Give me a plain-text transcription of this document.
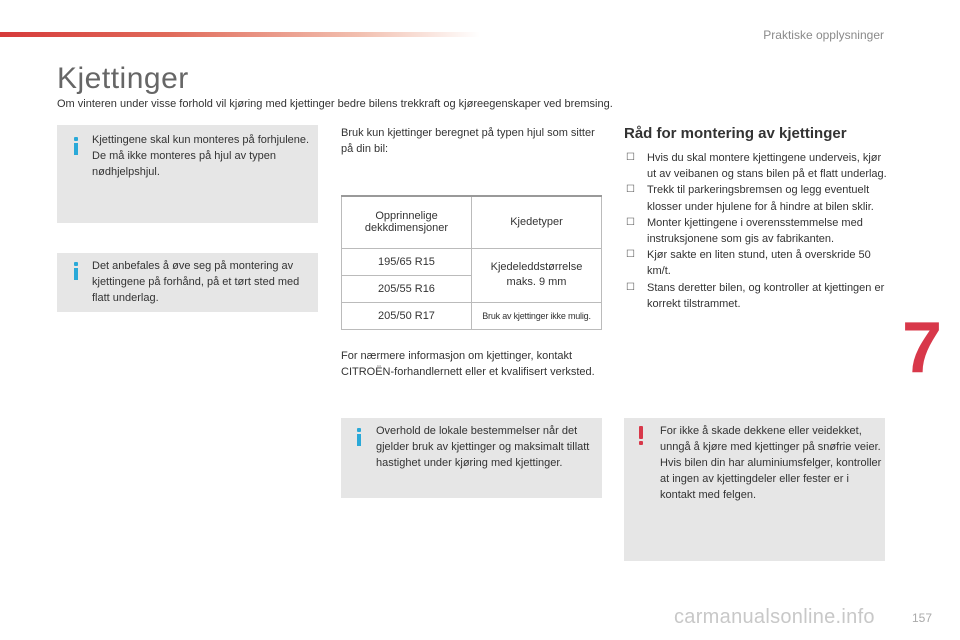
Praktiske opplysninger
Kjettinger

Om vinteren under visse forhold vil kjøring med kjettinger bedre bilens trekkraft og kjøreegenskaper ved bremsing.

Kjettingene skal kun monteres på forhjulene. De må ikke monteres på hjul av typen nødhjelpshjul.
Det anbefales å øve seg på montering av kjettingene på forhånd, på et tørt sted med flatt underlag.
Bruk kun kjettinger beregnet på typen hjul som sitter på din bil:
Opprinnelige dekkdimensjoner	Kjedetyper
195/65 R15	Kjedeleddstørrelse maks. 9 mm
205/55 R16	
205/50 R17	Bruk av kjettinger ikke mulig.
For nærmere informasjon om kjettinger, kontakt CITROËN-forhandlernett eller et kvalifisert verksted.
Overhold de lokale bestemmelser når det gjelder bruk av kjettinger og maksimalt tillatt hastighet under kjøring med kjettinger.
Råd for montering av kjettinger
☐ Hvis du skal montere kjettingene underveis, kjør ut av veibanen og stans bilen på et flatt underlag.
☐ Trekk til parkeringsbremsen og legg eventuelt klosser under hjulene for å hindre at bilen sklir.
☐ Monter kjettingene i overensstemmelse med instruksjonene som gis av fabrikanten.
☐ Kjør sakte en liten stund, uten å overskride 50 km/t.
☐ Stans deretter bilen, og kontroller at kjettingen er korrekt tilstrammet.
For ikke å skade dekkene eller veidekket, unngå å kjøre med kjettinger på snøfrie veier. Hvis bilen din har aluminiumsfelger, kontroller at ingen av kjettingdeler eller fester er i kontakt med felgen.
7
157
carmanualsonline.info
